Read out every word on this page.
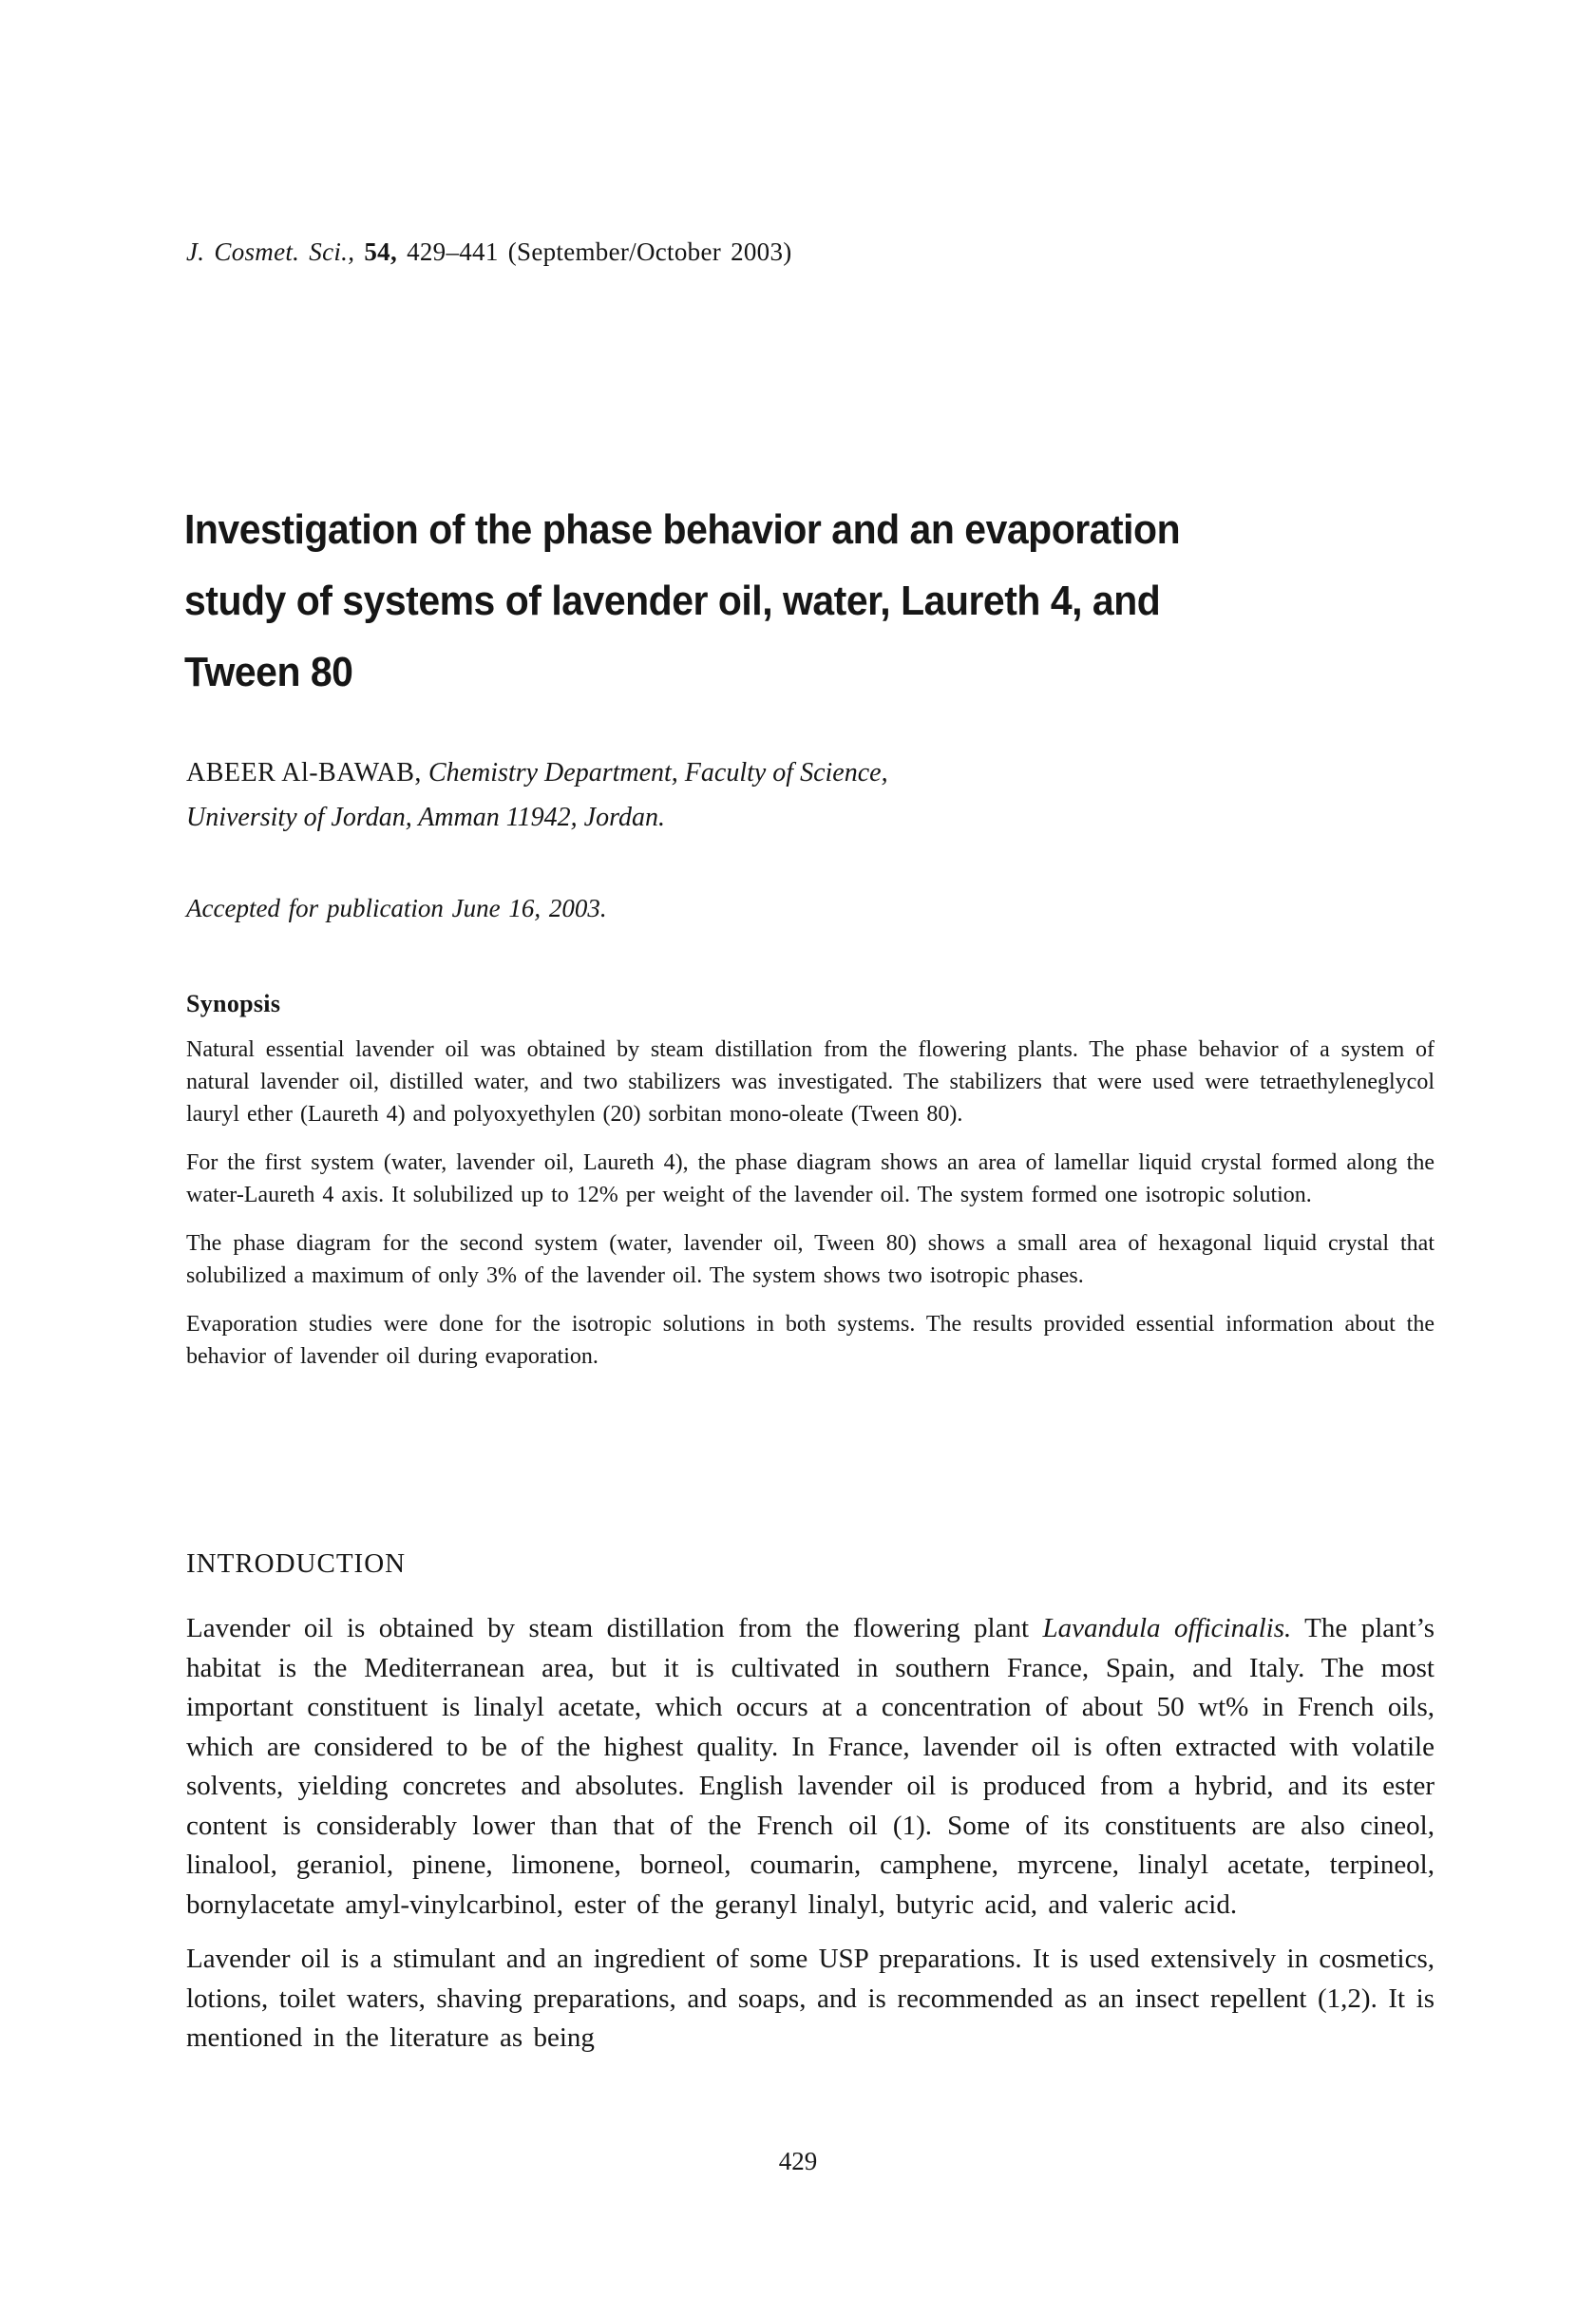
J. Cosmet. Sci., 54, 429–441 (September/October 2003)
Investigation of the phase behavior and an evaporation
study of systems of lavender oil, water, Laureth 4, and
Tween 80
ABEER Al-BAWAB, Chemistry Department, Faculty of Science,
University of Jordan, Amman 11942, Jordan.
Accepted for publication June 16, 2003.
Synopsis

Natural essential lavender oil was obtained by steam distillation from the flowering plants. The phase behavior of a system of natural lavender oil, distilled water, and two stabilizers was investigated. The stabilizers that were used were tetraethyleneglycol lauryl ether (Laureth 4) and polyoxyethylen (20) sorbitan mono-oleate (Tween 80).

For the first system (water, lavender oil, Laureth 4), the phase diagram shows an area of lamellar liquid crystal formed along the water-Laureth 4 axis. It solubilized up to 12% per weight of the lavender oil. The system formed one isotropic solution.

The phase diagram for the second system (water, lavender oil, Tween 80) shows a small area of hexagonal liquid crystal that solubilized a maximum of only 3% of the lavender oil. The system shows two isotropic phases.

Evaporation studies were done for the isotropic solutions in both systems. The results provided essential information about the behavior of lavender oil during evaporation.

INTRODUCTION

Lavender oil is obtained by steam distillation from the flowering plant Lavandula officinalis. The plant’s habitat is the Mediterranean area, but it is cultivated in southern France, Spain, and Italy. The most important constituent is linalyl acetate, which occurs at a concentration of about 50 wt% in French oils, which are considered to be of the highest quality. In France, lavender oil is often extracted with volatile solvents, yielding concretes and absolutes. English lavender oil is produced from a hybrid, and its ester content is considerably lower than that of the French oil (1). Some of its constituents are also cineol, linalool, geraniol, pinene, limonene, borneol, coumarin, camphene, myrcene, linalyl acetate, terpineol, bornylacetate amyl-vinylcarbinol, ester of the geranyl linalyl, butyric acid, and valeric acid.

Lavender oil is a stimulant and an ingredient of some USP preparations. It is used extensively in cosmetics, lotions, toilet waters, shaving preparations, and soaps, and is recommended as an insect repellent (1,2). It is mentioned in the literature as being

429
